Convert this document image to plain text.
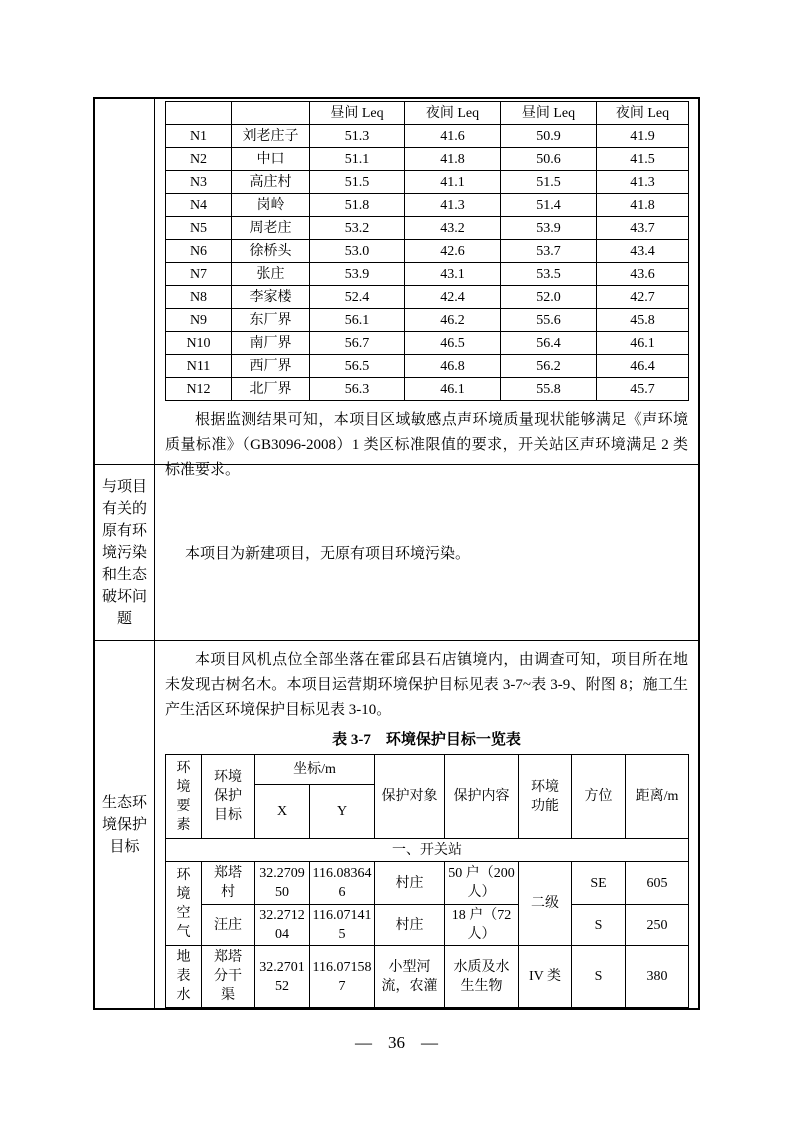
		昼间 Leq	夜间 Leq	昼间 Leq	夜间 Leq
N1	刘老庄子	51.3	41.6	50.9	41.9
N2	中口	51.1	41.8	50.6	41.5
N3	高庄村	51.5	41.1	51.5	41.3
N4	岗岭	51.8	41.3	51.4	41.8
N5	周老庄	53.2	43.2	53.9	43.7
N6	徐桥头	53.0	42.6	53.7	43.4
N7	张庄	53.9	43.1	53.5	43.6
N8	李家楼	52.4	42.4	52.0	42.7
N9	东厂界	56.1	46.2	55.6	45.8
N10	南厂界	56.7	46.5	56.4	46.1
N11	西厂界	56.5	46.8	56.2	46.4
N12	北厂界	56.3	46.1	55.8	45.7

根据监测结果可知，本项目区域敏感点声环境质量现状能够满足《声环境质量标准》（GB3096-2008）1 类区标准限值的要求，开关站区声环境满足 2 类标准要求。

与项目有关的原有环境污染和生态破坏问题

本项目为新建项目，无原有项目环境污染。

生态环境保护目标

本项目风机点位全部坐落在霍邱县石店镇境内，由调查可知，项目所在地未发现古树名木。本项目运营期环境保护目标见表 3-7~表 3-9、附图 8；施工生产生活区环境保护目标见表 3-10。

表 3-7　环境保护目标一览表
环境要素	环境保护目标	坐标/m		保护对象	保护内容	环境功能	方位	距离/m
		X	Y					
一、开关站								
环境空气	郑塔村	32.270950	116.083646	村庄	50 户（200 人）	二级	SE	605
	汪庄	32.271204	116.071415	村庄	18 户（72 人）		S	250
地表水	郑塔分干渠	32.270152	116.071587	小型河流，农灌	水质及水生生物	IV 类	S	380
— 36 —
